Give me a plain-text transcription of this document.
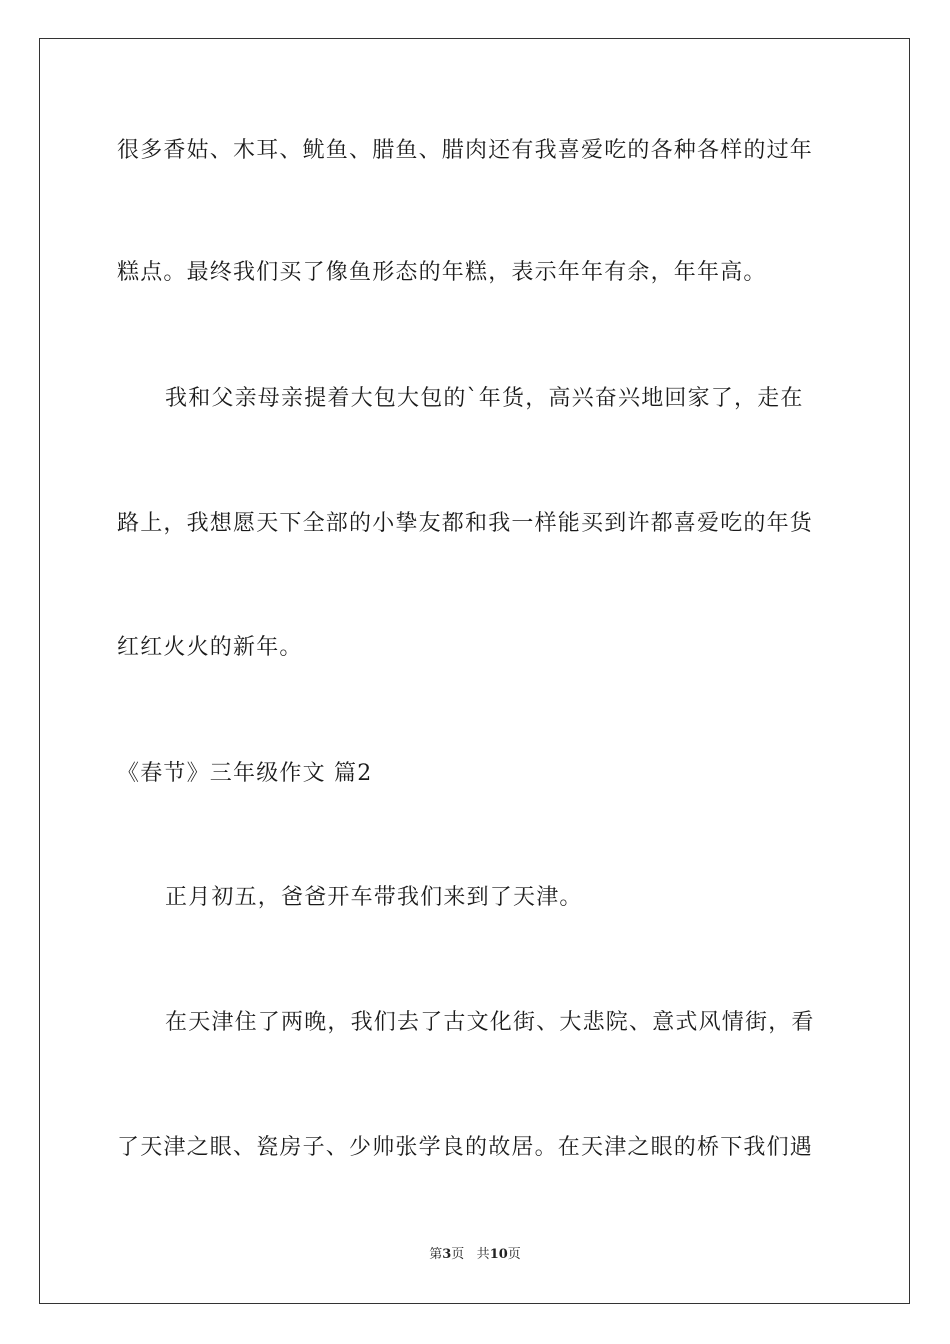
很多香姑、木耳、鱿鱼、腊鱼、腊肉还有我喜爱吃的各种各样的过年
糕点。最终我们买了像鱼形态的年糕，表示年年有余，年年高。
我和父亲母亲提着大包大包的`年货，高兴奋兴地回家了，走在
路上，我想愿天下全部的小挚友都和我一样能买到许都喜爱吃的年货
红红火火的新年。
《春节》三年级作文 篇2
正月初五，爸爸开车带我们来到了天津。
在天津住了两晚，我们去了古文化街、大悲院、意式风情街，看
了天津之眼、瓷房子、少帅张学良的故居。在天津之眼的桥下我们遇
第3页 共10页
